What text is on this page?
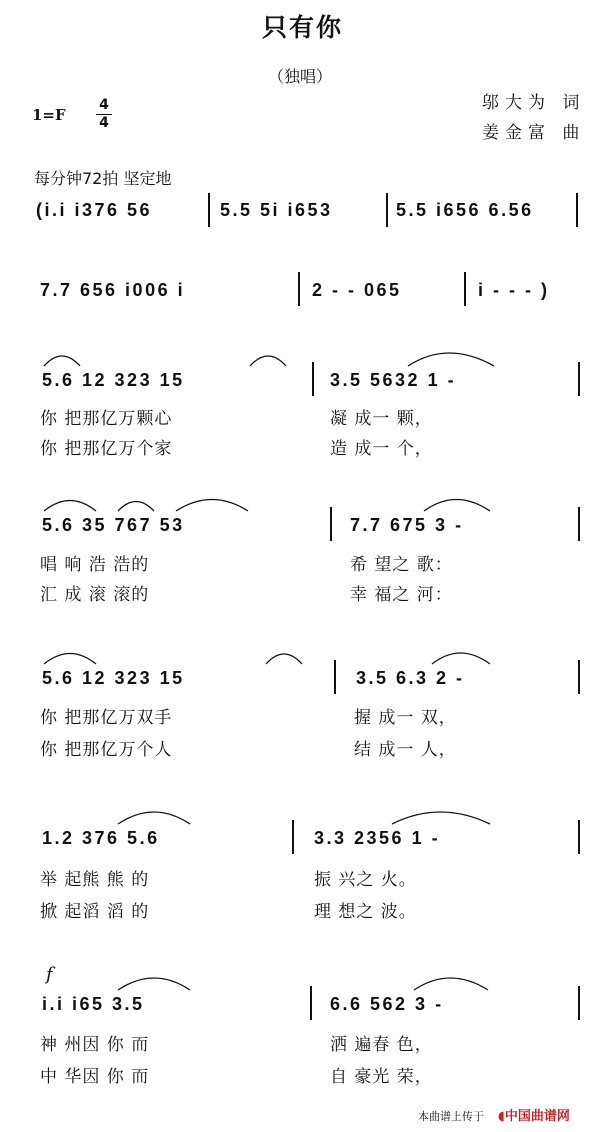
只有你
（独唱）
邬大为 词
姜金富 曲
1=F
4
4
每分钟72拍 坚定地
(i.i i376 56	5.5 5i i653	5.5 i656 6.56
7.7 656 i006 i	2 - - 065	i - - - )
5.6 12 323 15	3.5 5632 1 -
你 把那亿万颗心	凝 成一 颗，
你 把那亿万个家	造 成一 个，
5.6 35 767 53	7.7 675 3 -
唱 响 浩 浩的	希 望之 歌：
汇 成 滚 滚的	幸 福之 河：
5.6 12 323 15	3.5 6.3 2 -
你 把那亿万双手	握 成一 双，
你 把那亿万个人	结 成一 人，
1.2 376 5.6	3.3 2356 1 -
举 起熊 熊 的	振 兴之 火。
掀 起滔 滔 的	理 想之 波。
f
i.i i65 3.5	6.6 562 3 -
神 州因 你 而	洒 遍春 色，
中 华因 你 而	自 豪光 荣，
本曲谱上传于 ◖中国曲谱网
